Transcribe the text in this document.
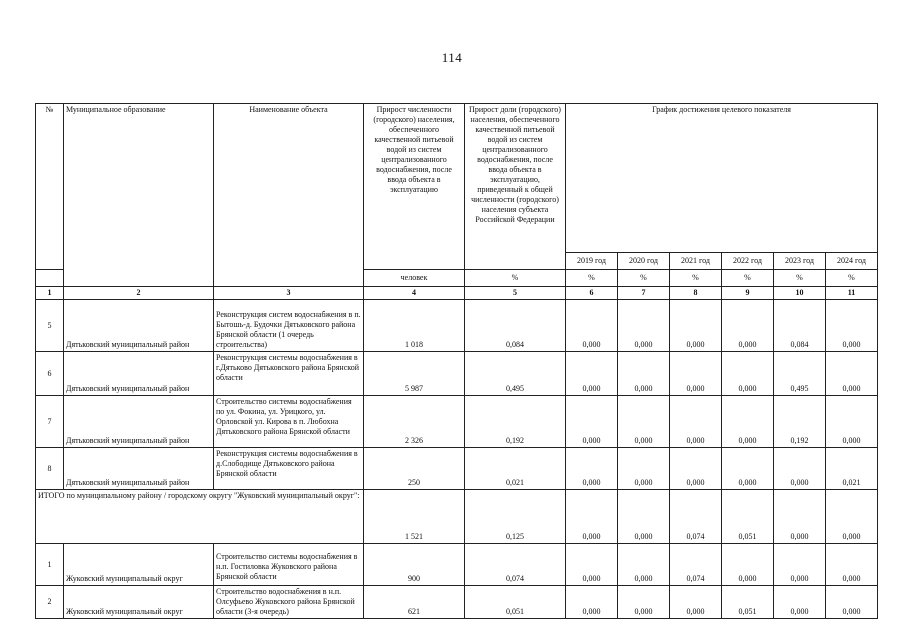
114
№	Муниципальное образование	Наименование объекта	Прирост численности (городского) населения, обеспеченного качественной питьевой водой из систем централизованного водоснабжения, после ввода объекта в эксплуатацию	Прирост доли (городского) населения, обеспеченного качественной питьевой водой из систем централизованного водоснабжения, после ввода объекта в эксплуатацию, приведенный к общей численности (городского) населения субъекта Российской Федерации	График достижения целевого показателя					
					2019 год	2020 год	2021 год	2022 год	2023 год	2024 год
			человек	%	%	%	%	%	%	%
1	2	3	4	5	6	7	8	9	10	11
5	Дятьковский муниципальный район	Реконструкция систем водоснабжения в п. Бытошь-д. Будочки Дятьковского района Брянской области (1 очередь строительства)	1 018	0,084	0,000	0,000	0,000	0,000	0,084	0,000
6	Дятьковский муниципальный район	Реконструкция системы водоснабжения в г.Дятьково Дятьковского района Брянской области	5 987	0,495	0,000	0,000	0,000	0,000	0,495	0,000
7	Дятьковский муниципальный район	Строительство системы водоснабжения по ул. Фокина, ул. Урицкого, ул. Орловской ул. Кирова в п. Любохна Дятьковского района Брянской области	2 326	0,192	0,000	0,000	0,000	0,000	0,192	0,000
8	Дятьковский муниципальный район	Реконструкция системы водоснабжения в д.Слободище Дятьковского района Брянской области	250	0,021	0,000	0,000	0,000	0,000	0,000	0,021
ИТОГО по муниципальному району / городскому округу "Жуковский муниципальный округ":			1 521	0,125	0,000	0,000	0,074	0,051	0,000	0,000
1	Жуковский муниципальный округ	Строительство системы водоснабжения в н.п. Гостиловка Жуковского района Брянской области	900	0,074	0,000	0,000	0,074	0,000	0,000	0,000
2	Жуковский муниципальный округ	Строительство водоснабжения в н.п. Олсуфьево Жуковского района Брянской области (3-я очередь)	621	0,051	0,000	0,000	0,000	0,051	0,000	0,000
